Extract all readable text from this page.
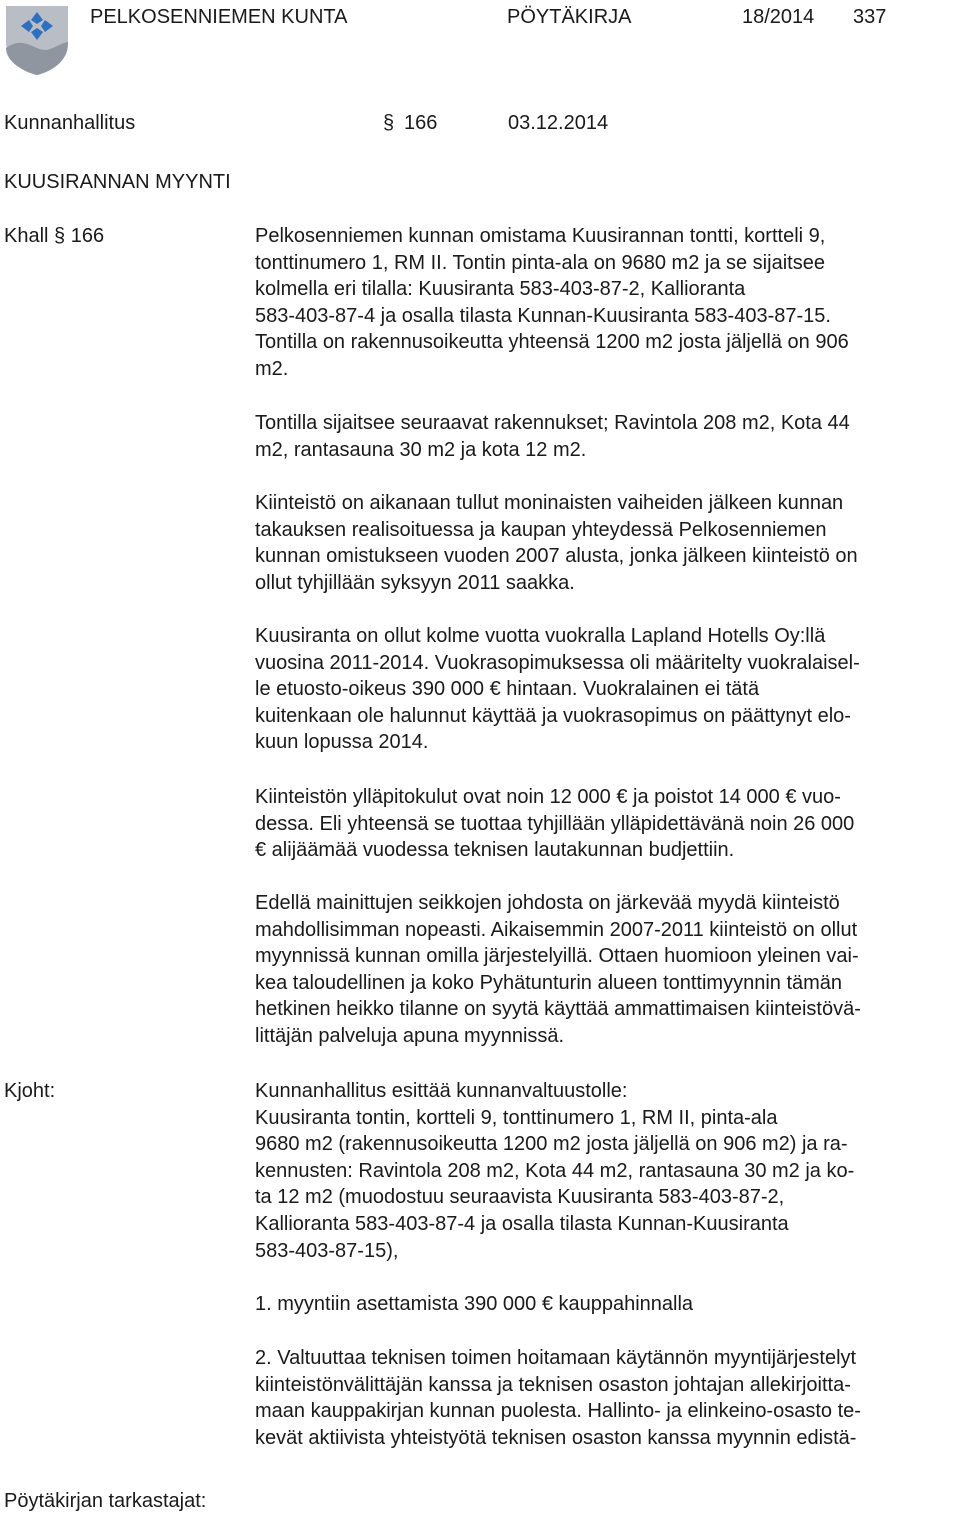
PELKOSENNIEMEN KUNTA	PÖYTÄKIRJA	18/2014 337
Kunnanhallitus	§ 166	03.12.2014
KUUSIRANNAN MYYNTI
Khall § 166	Pelkosenniemen kunnan omistama Kuusirannan tontti, kortteli 9,
tonttinumero 1, RM II. Tontin pinta-ala on 9680 m2 ja se sijaitsee
kolmella eri tilalla: Kuusiranta 583-403-87-2, Kallioranta
583-403-87-4 ja osalla tilasta Kunnan-Kuusiranta 583-403-87-15.
Tontilla on rakennusoikeutta yhteensä 1200 m2 josta jäljellä on 906
m2.
Tontilla sijaitsee seuraavat rakennukset; Ravintola 208 m2, Kota 44
m2, rantasauna 30 m2 ja kota 12 m2.
Kiinteistö on aikanaan tullut moninaisten vaiheiden jälkeen kunnan
takauksen realisoituessa ja kaupan yhteydessä Pelkosenniemen
kunnan omistukseen vuoden 2007 alusta, jonka jälkeen kiinteistö on
ollut tyhjillään syksyyn 2011 saakka.
Kuusiranta on ollut kolme vuotta vuokralla Lapland Hotells Oy:llä
vuosina 2011-2014. Vuokrasopimuksessa oli määritelty vuokralaisel-
le etuosto-oikeus 390 000 € hintaan. Vuokralainen ei tätä
kuitenkaan ole halunnut käyttää ja vuokrasopimus on päättynyt elo-
kuun lopussa 2014.
Kiinteistön ylläpitokulut ovat noin 12 000 € ja poistot 14 000 € vuo-
dessa. Eli yhteensä se tuottaa tyhjillään ylläpidettävänä noin 26 000
€ alijäämää vuodessa teknisen lautakunnan budjettiin.
Edellä mainittujen seikkojen johdosta on järkevää myydä kiinteistö
mahdollisimman nopeasti. Aikaisemmin 2007-2011 kiinteistö on ollut
myynnissä kunnan omilla järjestelyillä. Ottaen huomioon yleinen vai-
kea taloudellinen ja koko Pyhätunturin alueen tonttimyynnin tämän
hetkinen heikko tilanne on syytä käyttää ammattimaisen kiinteistövä-
littäjän palveluja apuna myynnissä.
Kjoht:	Kunnanhallitus esittää kunnanvaltuustolle:
Kuusiranta tontin, kortteli 9, tonttinumero 1, RM II, pinta-ala
9680 m2 (rakennusoikeutta 1200 m2 josta jäljellä on 906 m2) ja ra-
kennusten: Ravintola 208 m2, Kota 44 m2, rantasauna 30 m2 ja ko-
ta 12 m2 (muodostuu seuraavista Kuusiranta 583-403-87-2,
Kallioranta 583-403-87-4 ja osalla tilasta Kunnan-Kuusiranta
583-403-87-15),
1. myyntiin asettamista 390 000 € kauppahinnalla
2. Valtuuttaa teknisen toimen hoitamaan käytännön myyntijärjestelyt
kiinteistönvälittäjän kanssa ja teknisen osaston johtajan allekirjoitta-
maan kauppakirjan kunnan puolesta. Hallinto- ja elinkeino-osasto te-
kevät aktiivista yhteistyötä teknisen osaston kanssa myynnin edistä-
Pöytäkirjan tarkastajat:
